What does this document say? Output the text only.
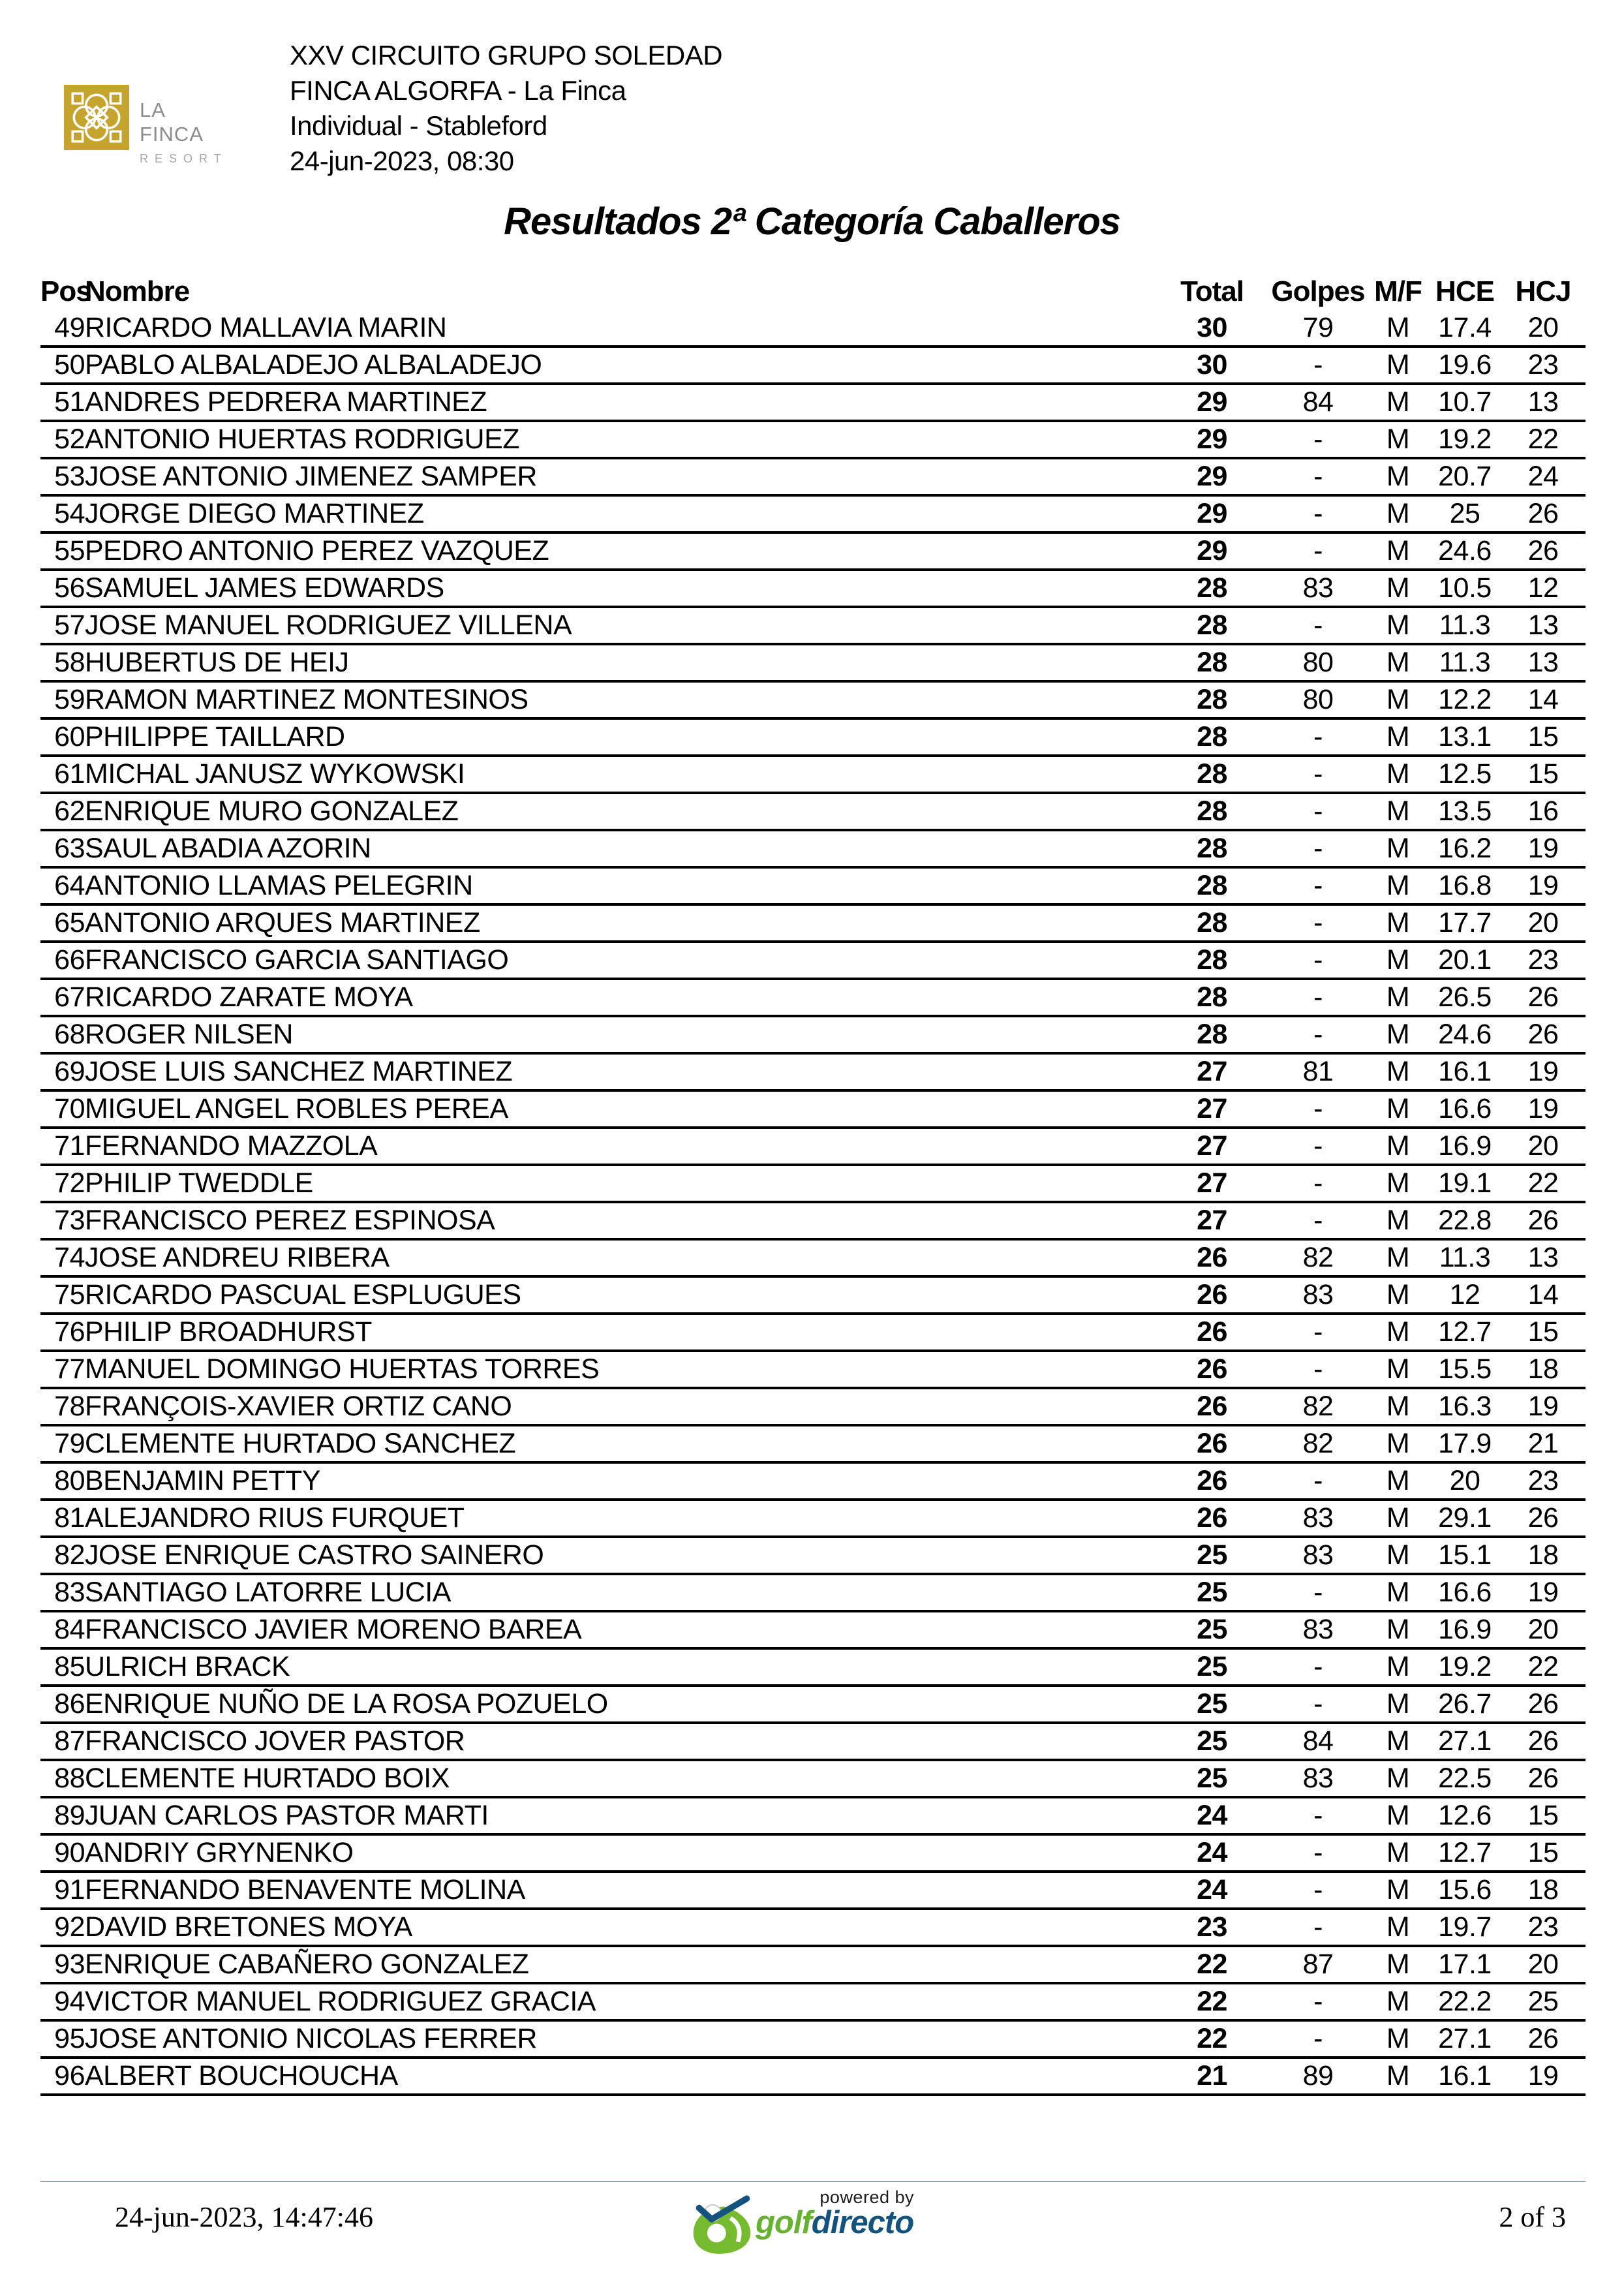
LA
FINCA
RESORT
XXV CIRCUITO GRUPO SOLEDAD
FINCA ALGORFA - La Finca
Individual - Stableford
24-jun-2023, 08:30
Resultados 2ª Categoría Caballeros
Pos	Nombre	Total	Golpes	M/F	HCE	HCJ
49	RICARDO MALLAVIA MARIN	30	79	M	17.4	20
50	PABLO ALBALADEJO ALBALADEJO	30	-	M	19.6	23
51	ANDRES PEDRERA MARTINEZ	29	84	M	10.7	13
52	ANTONIO HUERTAS RODRIGUEZ	29	-	M	19.2	22
53	JOSE ANTONIO JIMENEZ SAMPER	29	-	M	20.7	24
54	JORGE DIEGO MARTINEZ	29	-	M	25	26
55	PEDRO ANTONIO PEREZ VAZQUEZ	29	-	M	24.6	26
56	SAMUEL JAMES EDWARDS	28	83	M	10.5	12
57	JOSE MANUEL RODRIGUEZ VILLENA	28	-	M	11.3	13
58	HUBERTUS DE HEIJ	28	80	M	11.3	13
59	RAMON MARTINEZ MONTESINOS	28	80	M	12.2	14
60	PHILIPPE TAILLARD	28	-	M	13.1	15
61	MICHAL JANUSZ WYKOWSKI	28	-	M	12.5	15
62	ENRIQUE MURO GONZALEZ	28	-	M	13.5	16
63	SAUL ABADIA AZORIN	28	-	M	16.2	19
64	ANTONIO LLAMAS PELEGRIN	28	-	M	16.8	19
65	ANTONIO ARQUES MARTINEZ	28	-	M	17.7	20
66	FRANCISCO GARCIA SANTIAGO	28	-	M	20.1	23
67	RICARDO ZARATE MOYA	28	-	M	26.5	26
68	ROGER NILSEN	28	-	M	24.6	26
69	JOSE LUIS SANCHEZ MARTINEZ	27	81	M	16.1	19
70	MIGUEL ANGEL ROBLES PEREA	27	-	M	16.6	19
71	FERNANDO MAZZOLA	27	-	M	16.9	20
72	PHILIP TWEDDLE	27	-	M	19.1	22
73	FRANCISCO PEREZ ESPINOSA	27	-	M	22.8	26
74	JOSE ANDREU RIBERA	26	82	M	11.3	13
75	RICARDO PASCUAL ESPLUGUES	26	83	M	12	14
76	PHILIP BROADHURST	26	-	M	12.7	15
77	MANUEL DOMINGO HUERTAS TORRES	26	-	M	15.5	18
78	FRANÇOIS-XAVIER ORTIZ CANO	26	82	M	16.3	19
79	CLEMENTE HURTADO SANCHEZ	26	82	M	17.9	21
80	BENJAMIN PETTY	26	-	M	20	23
81	ALEJANDRO RIUS FURQUET	26	83	M	29.1	26
82	JOSE ENRIQUE CASTRO SAINERO	25	83	M	15.1	18
83	SANTIAGO LATORRE LUCIA	25	-	M	16.6	19
84	FRANCISCO JAVIER MORENO BAREA	25	83	M	16.9	20
85	ULRICH BRACK	25	-	M	19.2	22
86	ENRIQUE NUÑO DE LA ROSA POZUELO	25	-	M	26.7	26
87	FRANCISCO JOVER PASTOR	25	84	M	27.1	26
88	CLEMENTE HURTADO BOIX	25	83	M	22.5	26
89	JUAN CARLOS PASTOR MARTI	24	-	M	12.6	15
90	ANDRIY GRYNENKO	24	-	M	12.7	15
91	FERNANDO BENAVENTE MOLINA	24	-	M	15.6	18
92	DAVID BRETONES MOYA	23	-	M	19.7	23
93	ENRIQUE CABAÑERO GONZALEZ	22	87	M	17.1	20
94	VICTOR MANUEL RODRIGUEZ GRACIA	22	-	M	22.2	25
95	JOSE ANTONIO NICOLAS FERRER	22	-	M	27.1	26
96	ALBERT BOUCHOUCHA	21	89	M	16.1	19
24-jun-2023, 14:47:46	2 of 3
powered by
golfdirecto
